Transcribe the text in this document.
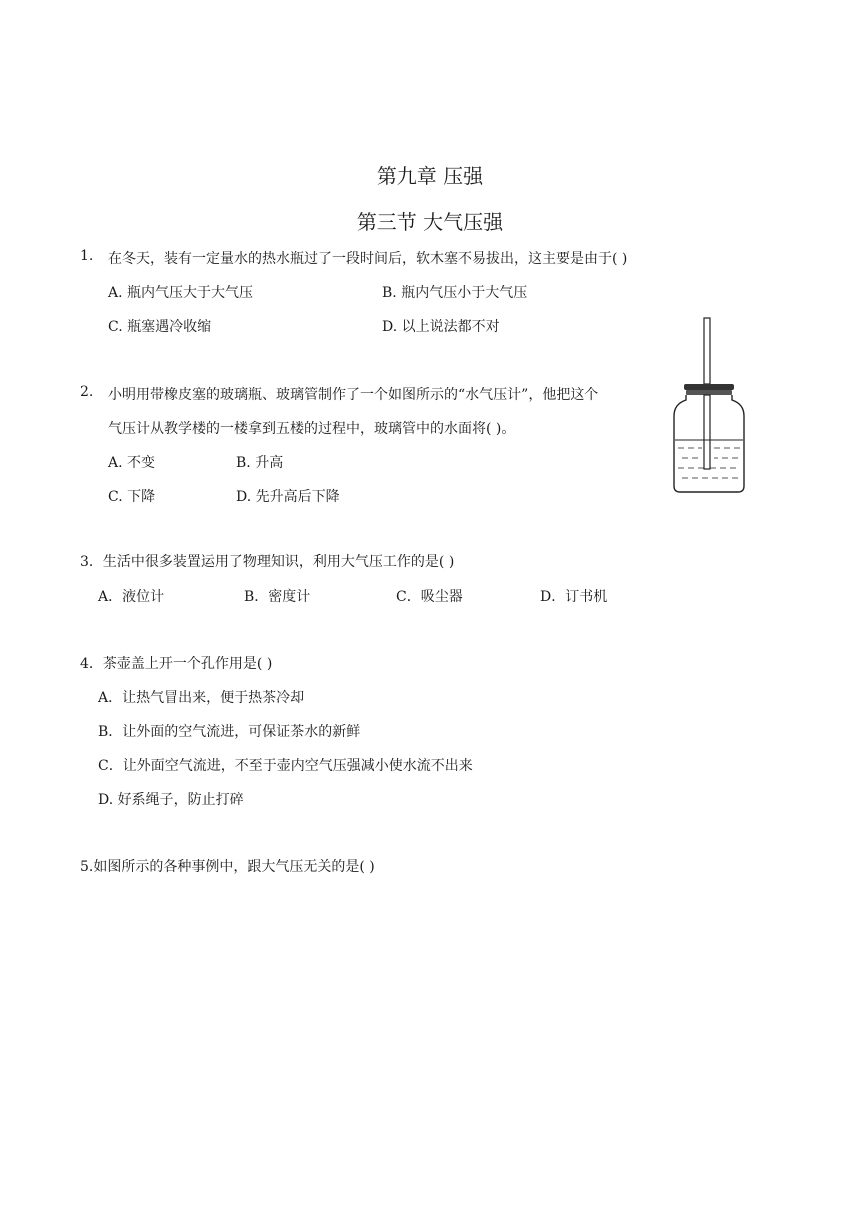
第九章 压强
第三节 大气压强
1. 在冬天，装有一定量水的热水瓶过了一段时间后，软木塞不易拔出，这主要是由于( )
A. 瓶内气压大于大气压	B. 瓶内气压小于大气压
C. 瓶塞遇冷收缩	D. 以上说法都不对
2. 小明用带橡皮塞的玻璃瓶、玻璃管制作了一个如图所示的“水气压计”，他把这个
气压计从教学楼的一楼拿到五楼的过程中，玻璃管中的水面将( )。
A. 不变	B. 升高
C. 下降	D. 先升高后下降
3．生活中很多装置运用了物理知识，利用大气压工作的是( )
A．液位计	B．密度计	C．吸尘器	D．订书机
4．茶壶盖上开一个孔作用是( )
A．让热气冒出来，便于热茶冷却
B．让外面的空气流进，可保证茶水的新鲜
C．让外面空气流进，不至于壶内空气压强减小使水流不出来
D. 好系绳子，防止打碎
5.如图所示的各种事例中，跟大气压无关的是( )
